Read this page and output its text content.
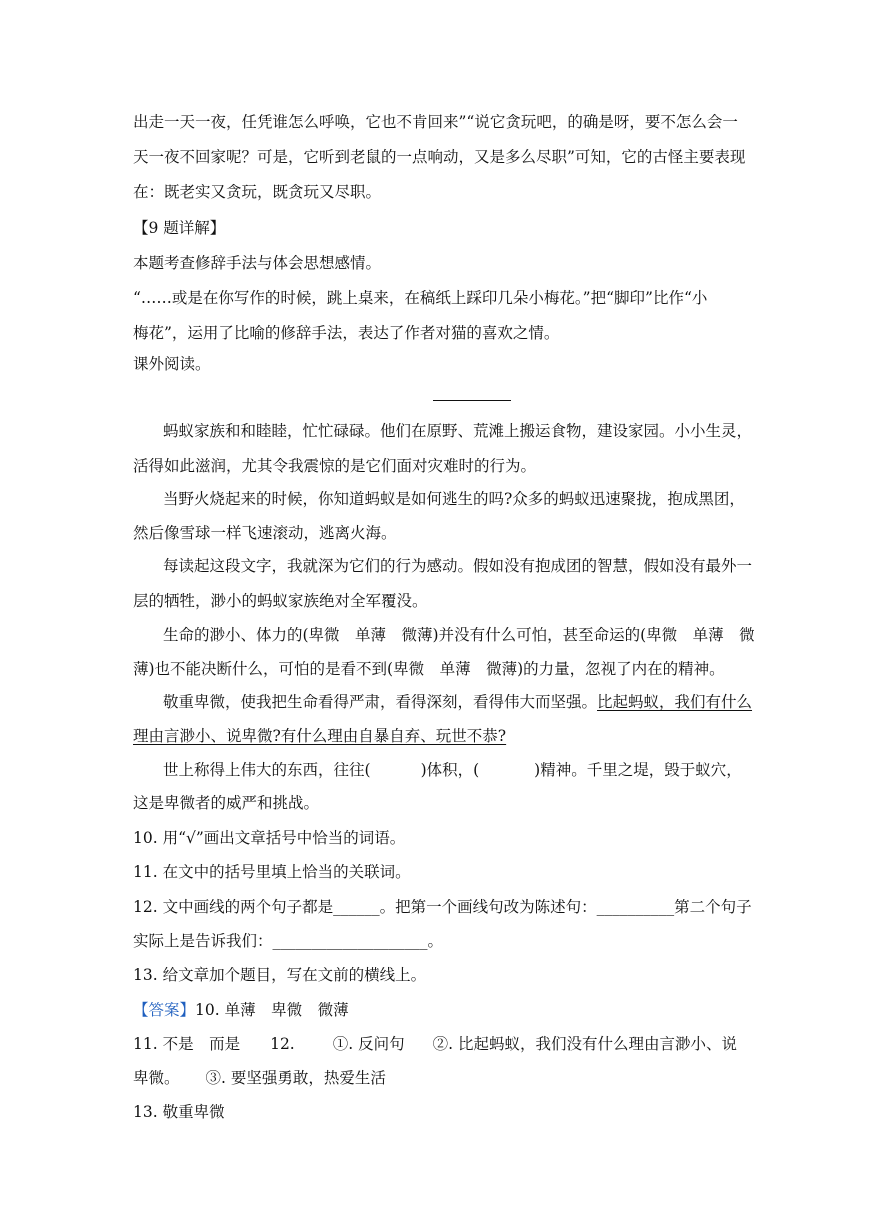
出走一天一夜，任凭谁怎么呼唤，它也不肯回来”“说它贪玩吧，的确是呀，要不怎么会一
天一夜不回家呢？可是，它听到老鼠的一点响动，又是多么尽职”可知，它的古怪主要表现
在：既老实又贪玩，既贪玩又尽职。
【9 题详解】
本题考查修辞手法与体会思想感情。
“……或是在你写作的时候，跳上桌来，在稿纸上踩印几朵小梅花。”把“脚印”比作“小
梅花”，运用了比喻的修辞手法，表达了作者对猫的喜欢之情。
课外阅读。
蚂蚁家族和和睦睦，忙忙碌碌。他们在原野、荒滩上搬运食物，建设家园。小小生灵，
活得如此滋润，尤其令我震惊的是它们面对灾难时的行为。
当野火烧起来的时候，你知道蚂蚁是如何逃生的吗?众多的蚂蚁迅速聚拢，抱成黑团，
然后像雪球一样飞速滚动，逃离火海。
每读起这段文字，我就深为它们的行为感动。假如没有抱成团的智慧，假如没有最外一
层的牺牲，渺小的蚂蚁家族绝对全军覆没。
生命的渺小、体力的(卑微　单薄　微薄)并没有什么可怕，甚至命运的(卑微　单薄　微
薄)也不能决断什么，可怕的是看不到(卑微　单薄　微薄)的力量，忽视了内在的精神。
敬重卑微，使我把生命看得严肃，看得深刻，看得伟大而坚强。比起蚂蚁，我们有什么
理由言渺小、说卑微?有什么理由自暴自弃、玩世不恭?
世上称得上伟大的东西，往往(	)体积，(	)精神。千里之堤，毁于蚁穴，
这是卑微者的威严和挑战。
10. 用“√”画出文章括号中恰当的词语。
11. 在文中的括号里填上恰当的关联词。
12. 文中画线的两个句子都是______。把第一个画线句改为陈述句：__________第二个句子
实际上是告诉我们：____________________。
13. 给文章加个题目，写在文前的横线上。
【答案】10. 单薄　卑微　微薄
11. 不是　而是 12. ①. 反问句 ②. 比起蚂蚁，我们没有什么理由言渺小、说
卑微。 ③. 要坚强勇敢，热爱生活
13. 敬重卑微
